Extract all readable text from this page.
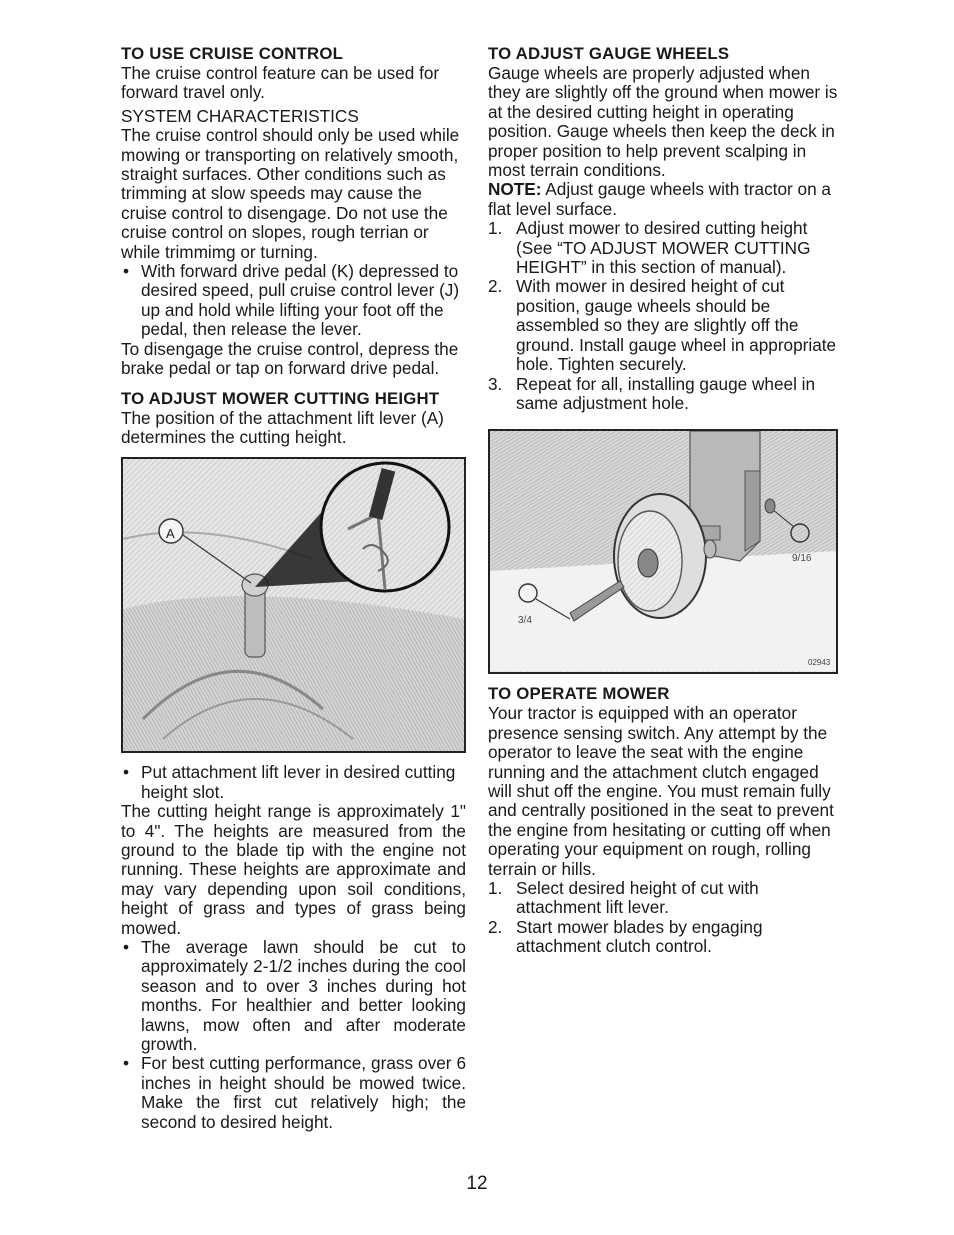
TO USE CRUISE CONTROL

The cruise control feature can be used for forward travel only.

SYSTEM CHARACTERISTICS

The cruise control should only be used while mowing or transporting on relatively smooth, straight surfaces. Other conditions such as trimming at slow speeds may cause the cruise control to disengage. Do not use the cruise control on slopes, rough terrian or while trimmimg or turning.

• With forward drive pedal (K) depressed to desired speed, pull cruise control lever (J) up and hold while lifting your foot off the pedal, then release the lever.

To disengage the cruise control, depress the brake pedal or tap on forward drive pedal.

TO ADJUST MOWER CUTTING HEIGHT

The position of the attachment lift lever (A) determines the cutting height.

A

• Put attachment lift lever in desired cutting height slot.

The cutting height range is approximately 1" to 4". The heights are measured from the ground to the blade tip with the engine not running. These heights are approximate and may vary depending upon soil conditions, height of grass and types of grass being mowed.

• The average lawn should be cut to approximately 2-1/2 inches during the cool season and to over 3 inches during hot months. For healthier and better looking lawns, mow often and after moderate growth.

• For best cutting performance, grass over 6 inches in height should be mowed twice. Make the first cut relatively high; the second to desired height.

TO ADJUST GAUGE WHEELS

Gauge wheels are properly adjusted when they are slightly off the ground when mower is at the desired cutting height in operating position. Gauge wheels then keep the deck in proper position to help prevent scalping in most terrain conditions.

NOTE: Adjust gauge wheels with tractor on a flat level surface.

1. Adjust mower to desired cutting height (See “TO ADJUST MOWER CUTTING HEIGHT” in this section of manual).

2. With mower in desired height of cut position, gauge wheels should be assembled so they are slightly off the ground. Install gauge wheel in appropriate hole. Tighten securely.

3. Repeat for all, installing gauge wheel in same adjustment hole.

9/16
3/4
02943
TO OPERATE MOWER

Your tractor is equipped with an operator presence sensing switch. Any attempt by the operator to leave the seat with the engine running and the attachment clutch engaged will shut off the engine. You must remain fully and centrally positioned in the seat to prevent the engine from hesitating or cutting off when operating your equipment on rough, rolling terrain or hills.

1. Select desired height of cut with attachment lift lever.

2. Start mower blades by engaging attachment clutch control.

12
